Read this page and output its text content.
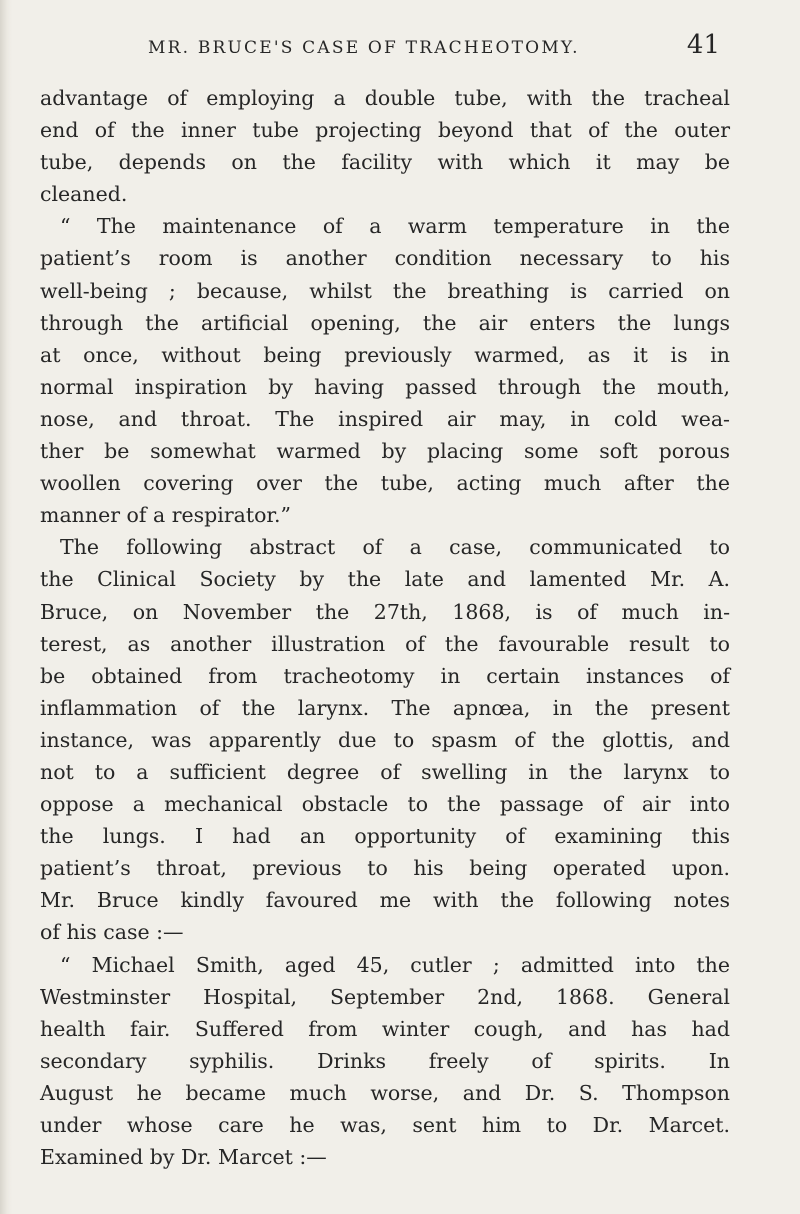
MR. BRUCE'S CASE OF TRACHEOTOMY.	41
advantage of employing a double tube, with the tracheal
end of the inner tube projecting beyond that of the outer
tube, depends on the facility with which it may be
cleaned.
“ The maintenance of a warm temperature in the
patient’s room is another condition necessary to his
well-being ; because, whilst the breathing is carried on
through the artificial opening, the air enters the lungs
at once, without being previously warmed, as it is in
normal inspiration by having passed through the mouth,
nose, and throat. The inspired air may, in cold wea-
ther be somewhat warmed by placing some soft porous
woollen covering over the tube, acting much after the
manner of a respirator.”
The following abstract of a case, communicated to
the Clinical Society by the late and lamented Mr. A.
Bruce, on November the 27th, 1868, is of much in-
terest, as another illustration of the favourable result to
be obtained from tracheotomy in certain instances of
inflammation of the larynx. The apnœa, in the present
instance, was apparently due to spasm of the glottis, and
not to a sufficient degree of swelling in the larynx to
oppose a mechanical obstacle to the passage of air into
the lungs. I had an opportunity of examining this
patient’s throat, previous to his being operated upon.
Mr. Bruce kindly favoured me with the following notes
of his case :—
“ Michael Smith, aged 45, cutler ; admitted into the
Westminster Hospital, September 2nd, 1868. General
health fair. Suffered from winter cough, and has had
secondary syphilis. Drinks freely of spirits. In
August he became much worse, and Dr. S. Thompson
under whose care he was, sent him to Dr. Marcet.
Examined by Dr. Marcet :—
